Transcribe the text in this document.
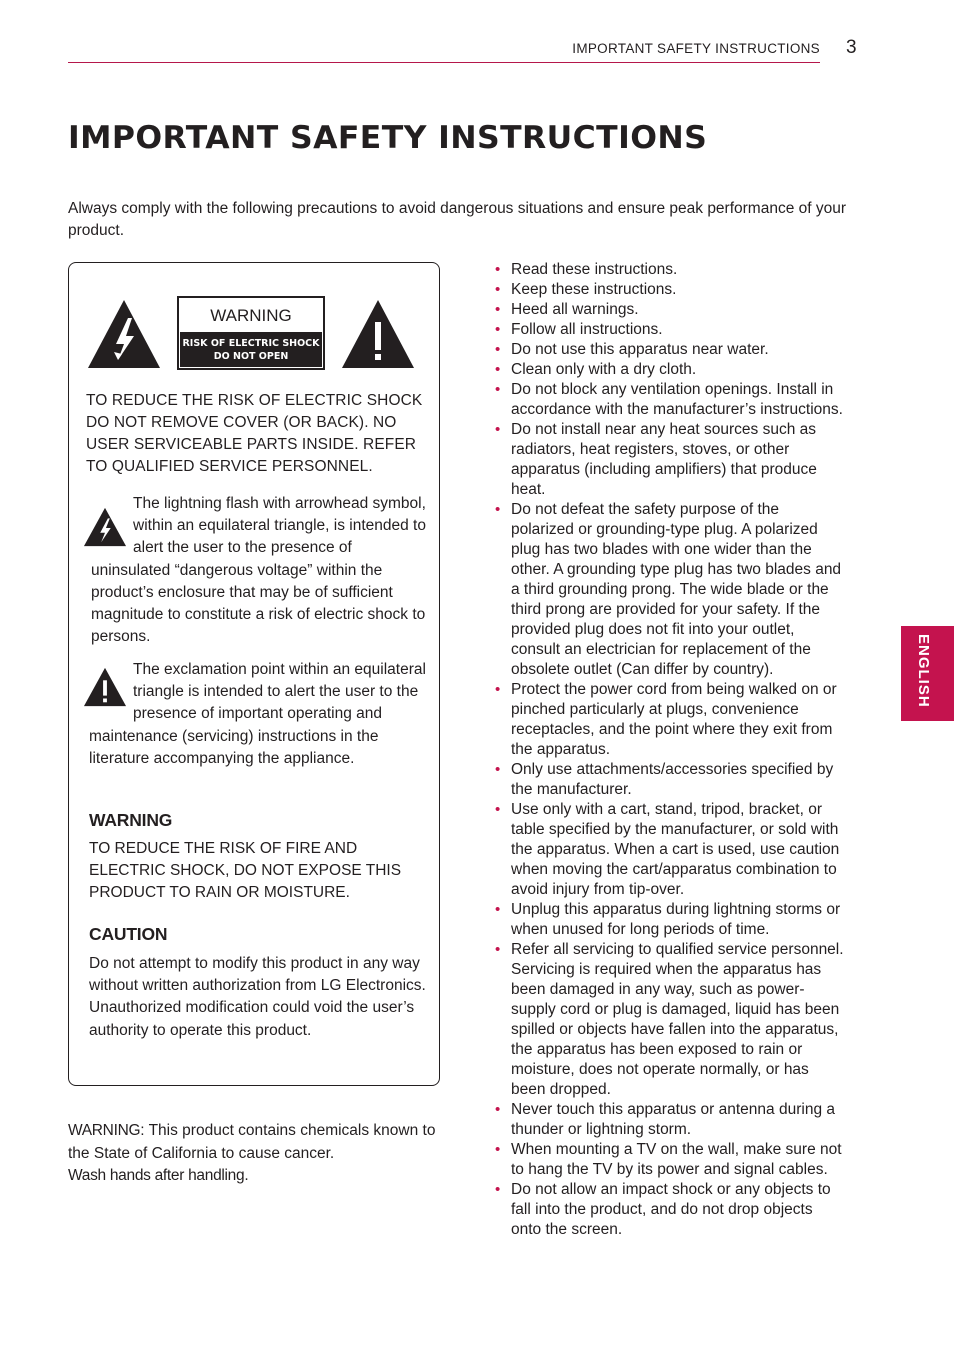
IMPORTANT SAFETY INSTRUCTIONS 3
ENGLISH
IMPORTANT SAFETY INSTRUCTIONS

Always comply with the following precautions to avoid dangerous situations and ensure peak performance of your product.

WARNING
RISK OF ELECTRIC SHOCK
DO NOT OPEN

TO REDUCE THE RISK OF ELECTRIC SHOCK DO NOT REMOVE COVER (OR BACK). NO USER SERVICEABLE PARTS INSIDE. REFER TO QUALIFIED SERVICE PERSONNEL.

The lightning flash with arrowhead symbol, within an equilateral triangle, is intended to alert the user to the presence of uninsulated “dangerous voltage” within the product’s enclosure that may be of sufficient magnitude to constitute a risk of electric shock to persons.

The exclamation point within an equilateral triangle is intended to alert the user to the presence of important operating and maintenance (servicing) instructions in the literature accompanying the appliance.

WARNING

TO REDUCE THE RISK OF FIRE AND ELECTRIC SHOCK, DO NOT EXPOSE THIS PRODUCT TO RAIN OR MOISTURE.

CAUTION

Do not attempt to modify this product in any way without written authorization from LG Electronics. Unauthorized modification could void the user’s authority to operate this product.

WARNING: This product contains chemicals known to the State of California to cause cancer.
Wash hands after handling.

• Read these instructions.
• Keep these instructions.
• Heed all warnings.
• Follow all instructions.
• Do not use this apparatus near water.
• Clean only with a dry cloth.
• Do not block any ventilation openings. Install in accordance with the manufacturer’s instructions.
• Do not install near any heat sources such as radiators, heat registers, stoves, or other apparatus (including amplifiers) that produce heat.
• Do not defeat the safety purpose of the polarized or grounding-type plug. A polarized plug has two blades with one wider than the other. A grounding type plug has two blades and a third grounding prong. The wide blade or the third prong are provided for your safety. If the provided plug does not fit into your outlet, consult an electrician for replacement of the obsolete outlet (Can differ by country).
• Protect the power cord from being walked on or pinched particularly at plugs, convenience receptacles, and the point where they exit from the apparatus.
• Only use attachments/accessories specified by the manufacturer.
• Use only with a cart, stand, tripod, bracket, or table specified by the manufacturer, or sold with the apparatus. When a cart is used, use caution when moving the cart/apparatus combination to avoid injury from tip-over.
• Unplug this apparatus during lightning storms or when unused for long periods of time.
• Refer all servicing to qualified service personnel. Servicing is required when the apparatus has been damaged in any way, such as power-supply cord or plug is damaged, liquid has been spilled or objects have fallen into the apparatus, the apparatus has been exposed to rain or moisture, does not operate normally, or has been dropped.
• Never touch this apparatus or antenna during a thunder or lightning storm.
• When mounting a TV on the wall, make sure not to hang the TV by its power and signal cables.
• Do not allow an impact shock or any objects to fall into the product, and do not drop objects onto the screen.
